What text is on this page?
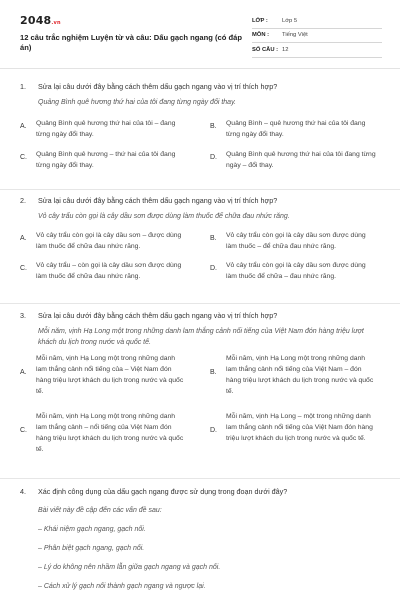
2048.vn
12 câu trắc nghiệm Luyện từ và câu: Dấu gạch ngang (có đáp án)
LỚP :	Lớp 5
MÔN :	Tiếng Việt
SỐ CÂU : 12
1.	Sửa lại câu dưới đây bằng cách thêm dấu gạch ngang vào vị trí thích hợp?
Quảng Bình quê hương thứ hai của tôi đang từng ngày đổi thay.
A.	Quảng Bình quê hương thứ hai của tôi – đang từng ngày đổi thay.
B.	Quảng Bình – quê hương thứ hai của tôi đang từng ngày đổi thay.
C.	Quảng Bình quê hương – thứ hai của tôi đang từng ngày đổi thay.
D.	Quảng Bình quê hương thứ hai của tôi đang từng ngày – đổi thay.
2.	Sửa lại câu dưới đây bằng cách thêm dấu gạch ngang vào vị trí thích hợp?
Vỏ cây trẩu còn gọi là cây dầu sơn được dùng làm thuốc để chữa đau nhức răng.
A.	Vỏ cây trẩu còn gọi là cây dầu sơn – được dùng làm thuốc để chữa đau nhức răng.
B.	Vỏ cây trẩu còn gọi là cây dầu sơn được dùng làm thuốc – để chữa đau nhức răng.
C.	Vỏ cây trẩu – còn gọi là cây dầu sơn được dùng làm thuốc để chữa đau nhức răng.
D.	Vỏ cây trẩu còn gọi là cây dầu sơn được dùng làm thuốc để chữa – đau nhức răng.
3.	Sửa lại câu dưới đây bằng cách thêm dấu gạch ngang vào vị trí thích hợp?
Mỗi năm, vịnh Hạ Long một trong những danh lam thắng cảnh nổi tiếng của Việt Nam đón hàng triệu lượt khách du lịch trong nước và quốc tế.
A.
Mỗi năm, vịnh Hạ Long một trong những danh lam thắng cảnh nổi tiếng của – Việt Nam đón hàng triệu lượt khách du lịch trong nước và quốc tế.
B.
Mỗi năm, vịnh Hạ Long một trong những danh lam thắng cảnh nổi tiếng của Việt Nam – đón hàng triệu lượt khách du lịch trong nước và quốc tế.
C.
Mỗi năm, vịnh Hạ Long một trong những danh lam thắng cảnh – nổi tiếng của Việt Nam đón hàng triệu lượt khách du lịch trong nước và quốc tế.
D.
Mỗi năm, vịnh Hạ Long – một trong những danh lam thắng cảnh nổi tiếng của Việt Nam đón hàng triệu lượt khách du lịch trong nước và quốc tế.
4.	Xác định công dụng của dấu gạch ngang được sử dụng trong đoạn dưới đây?
Bài viết này đề cập đến các vấn đề sau:
– Khái niệm gạch ngang, gạch nối.
– Phân biệt gạch ngang, gạch nối.
– Lý do không nên nhầm lẫn giữa gạch ngang và gạch nối.
– Cách xử lý gạch nối thành gạch ngang và ngược lại.
